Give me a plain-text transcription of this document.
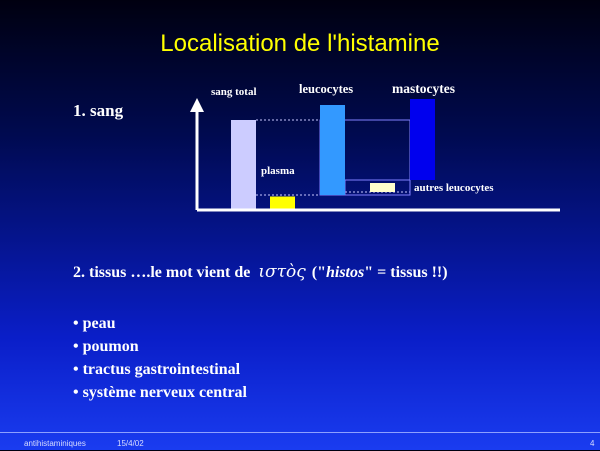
Localisation de l'histamine
1. sang
sang total
plasma
leucocytes
autres leucocytes
mastocytes
2. tissus ….le mot vient de ιστὸς ("histos" = tissus !!)
• peau
• poumon
• tractus gastrointestinal
• système nerveux central
antihistaminiques	15/4/02	4
